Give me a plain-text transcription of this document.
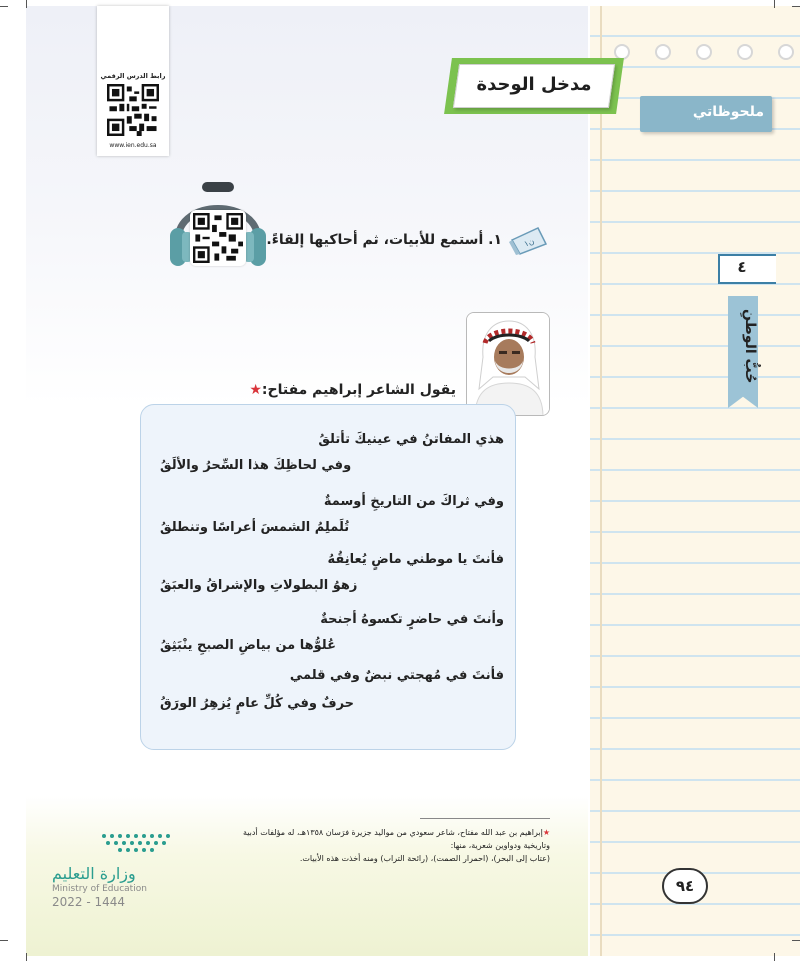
رابط الدرس الرقمي
www.ien.edu.sa
مدخل الوحدة
ملحوظاتي
ن۱
١. أستمع للأبيات، ثم أحاكيها إلقاءً.
٤
حُبُّ الوطنِ
يقول الشاعر إبراهيم مفتاح:★
هذي المفاتنُ في عينيكَ تأتلقُ
وفي لحاظِكَ هذا السِّحرُ والألَقُ
وفي ثراكَ من التاريخِ أوسمةٌ
تُلَملِمُ الشمسَ أعراسًا وتنطلقُ
فأنتَ يا موطني ماضٍ يُعانِقُهُ
زهوُ البطولاتِ والإشراقُ والعبَقُ
وأنتَ في حاضرٍ تكسوهُ أجنحةٌ
عُلوُّها من بياضِ الصبحِ ينْبَثِقُ
فأنتَ في مُهجتي نبضٌ وفي قلمي
حرفٌ وفي كُلِّ عامٍ يُزهِرُ الورَقُ
★إبراهيم بن عبد الله مفتاح، شاعر سعودي من مواليد جزيرة فرَسان ١٣٥٨هـ، له مؤلفات أدبية وتاريخية ودواوين شعرية، منها:
(عتاب إلى البحر)، (احمرار الصمت)، (رائحة التراب) ومنه أخذت هذه الأبيات.
وزارة التعليم
Ministry of Education
2022 - 1444
٩٤
